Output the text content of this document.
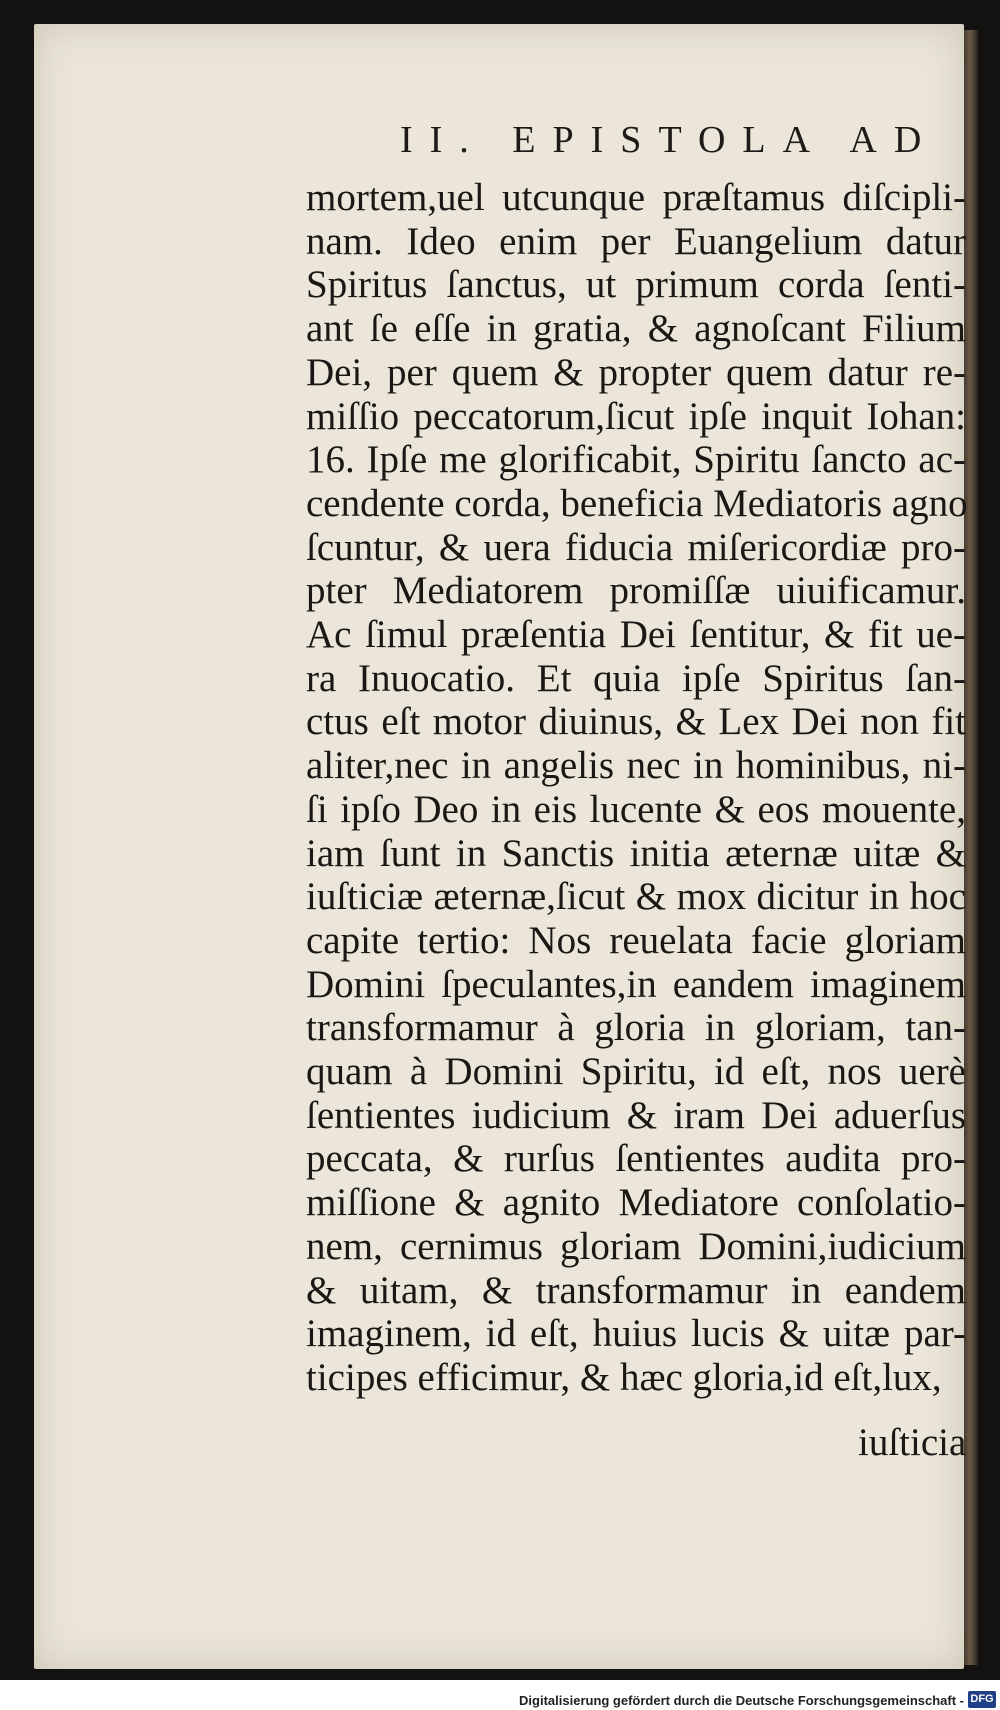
II. EPISTOLA AD
mortem,uel utcunque præſtamus diſcipli-
nam. Ideo enim per Euangelium datur
Spiritus ſanctus, ut primum corda ſenti-
ant ſe eſſe in gratia, & agnoſcant Filium
Dei, per quem & propter quem datur re-
miſſio peccatorum,ſicut ipſe inquit Iohan:
16. Ipſe me glorificabit, Spiritu ſancto ac-
cendente corda, beneficia Mediatoris agno
ſcuntur, & uera fiducia miſericordiæ pro-
pter Mediatorem promiſſæ uiuificamur.
Ac ſimul præſentia Dei ſentitur, & fit ue-
ra Inuocatio. Et quia ipſe Spiritus ſan-
ctus eſt motor diuinus, & Lex Dei non fit
aliter,nec in angelis nec in hominibus, ni-
ſi ipſo Deo in eis lucente & eos mouente,
iam ſunt in Sanctis initia æternæ uitæ &
iuſticiæ æternæ,ſicut & mox dicitur in hoc
capite tertio: Nos reuelata facie gloriam
Domini ſpeculantes,in eandem imaginem
transformamur à gloria in gloriam, tan-
quam à Domini Spiritu, id eſt, nos uerè
ſentientes iudicium & iram Dei aduerſus
peccata, & rurſus ſentientes audita pro-
miſſione & agnito Mediatore conſolatio-
nem, cernimus gloriam Domini,iudicium
& uitam, & transformamur in eandem
imaginem, id eſt, huius lucis & uitæ par-
ticipes efficimur, & hæc gloria,id eſt,lux,
iuſticia
Digitalisierung gefördert durch die Deutsche Forschungsgemeinschaft - DFG
